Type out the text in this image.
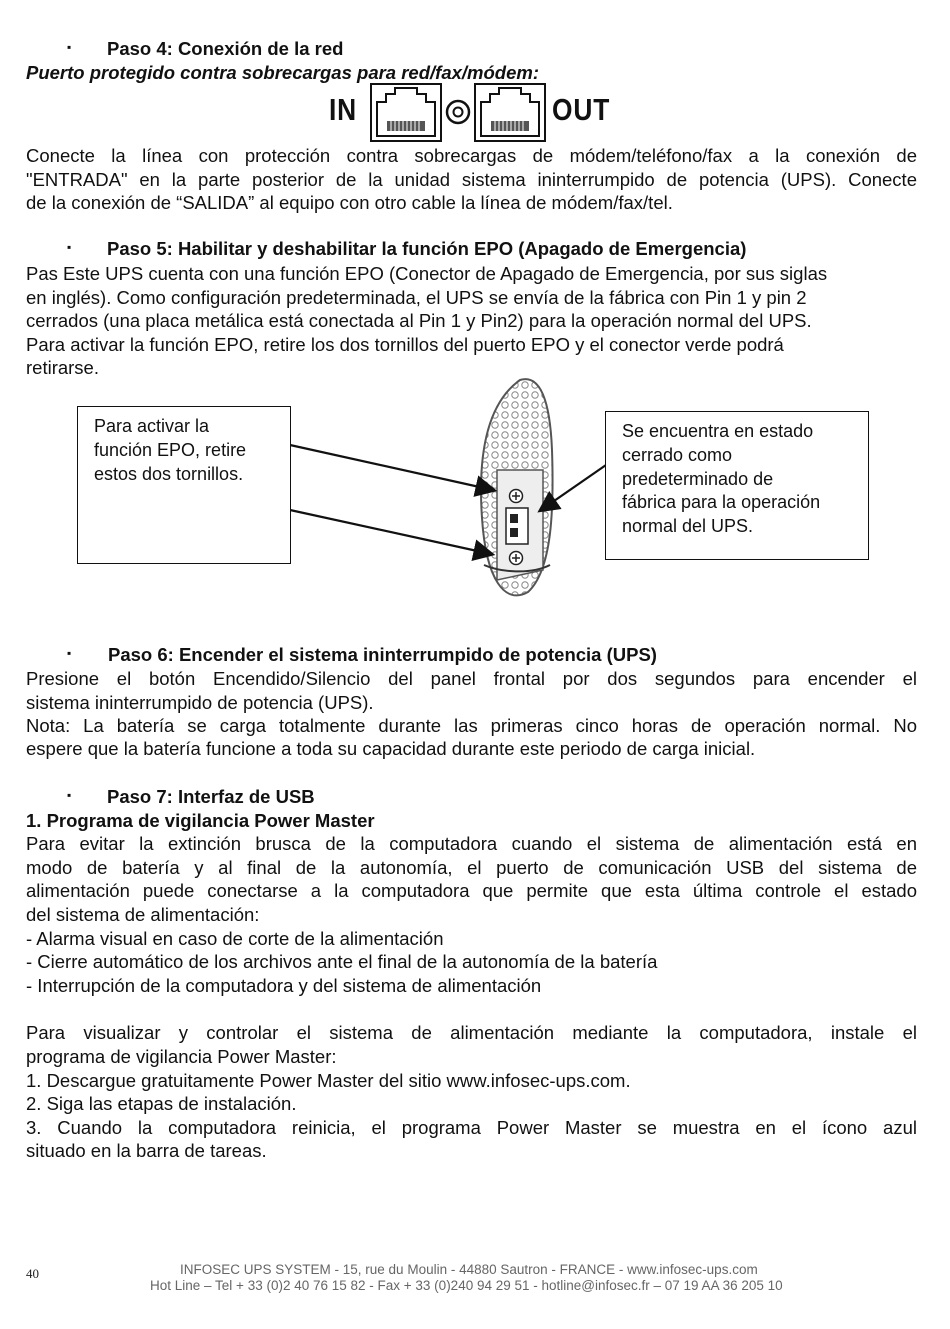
▪ Paso 4: Conexión de la red
Puerto protegido contra sobrecargas para red/fax/módem:
IN	OUT
Conecte la línea con protección contra sobrecargas de módem/teléfono/fax a la conexión de
"ENTRADA" en la parte posterior de la unidad sistema ininterrumpido de potencia (UPS). Conecte
de la conexión de “SALIDA” al equipo con otro cable la línea de módem/fax/tel.
▪ Paso 5: Habilitar y deshabilitar la función EPO (Apagado de Emergencia)
Pas Este UPS cuenta con una función EPO (Conector de Apagado de Emergencia, por sus siglas
en inglés). Como configuración predeterminada, el UPS se envía de la fábrica con Pin 1 y pin 2
cerrados (una placa metálica está conectada al Pin 1 y Pin2) para la operación normal del UPS.
Para activar la función EPO, retire los dos tornillos del puerto EPO y el conector verde podrá
retirarse.
Para activar la
función EPO, retire
estos dos tornillos.
Se encuentra en estado
cerrado como
predeterminado de
fábrica para la operación
normal del UPS.
▪ Paso 6: Encender el sistema ininterrumpido de potencia (UPS)
Presione el botón Encendido/Silencio del panel frontal por dos segundos para encender el
sistema ininterrumpido de potencia (UPS).
Nota: La batería se carga totalmente durante las primeras cinco horas de operación normal. No
espere que la batería funcione a toda su capacidad durante este periodo de carga inicial.
▪ Paso 7: Interfaz de USB
1. Programa de vigilancia Power Master
Para evitar la extinción brusca de la computadora cuando el sistema de alimentación está en
modo de batería y al final de la autonomía, el puerto de comunicación USB del sistema de
alimentación puede conectarse a la computadora que permite que esta última controle el estado
del sistema de alimentación:
- Alarma visual en caso de corte de la alimentación
- Cierre automático de los archivos ante el final de la autonomía de la batería
- Interrupción de la computadora y del sistema de alimentación
Para visualizar y controlar el sistema de alimentación mediante la computadora, instale el
programa de vigilancia Power Master:
1. Descargue gratuitamente Power Master del sitio www.infosec-ups.com.
2. Siga las etapas de instalación.
3. Cuando la computadora reinicia, el programa Power Master se muestra en el ícono azul
situado en la barra de tareas.
40	INFOSEC UPS SYSTEM - 15, rue du Moulin - 44880 Sautron - FRANCE - www.infosec-ups.com
Hot Line – Tel + 33 (0)2 40 76 15 82 - Fax + 33 (0)240 94 29 51 - hotline@infosec.fr – 07 19 AA 36 205 10
